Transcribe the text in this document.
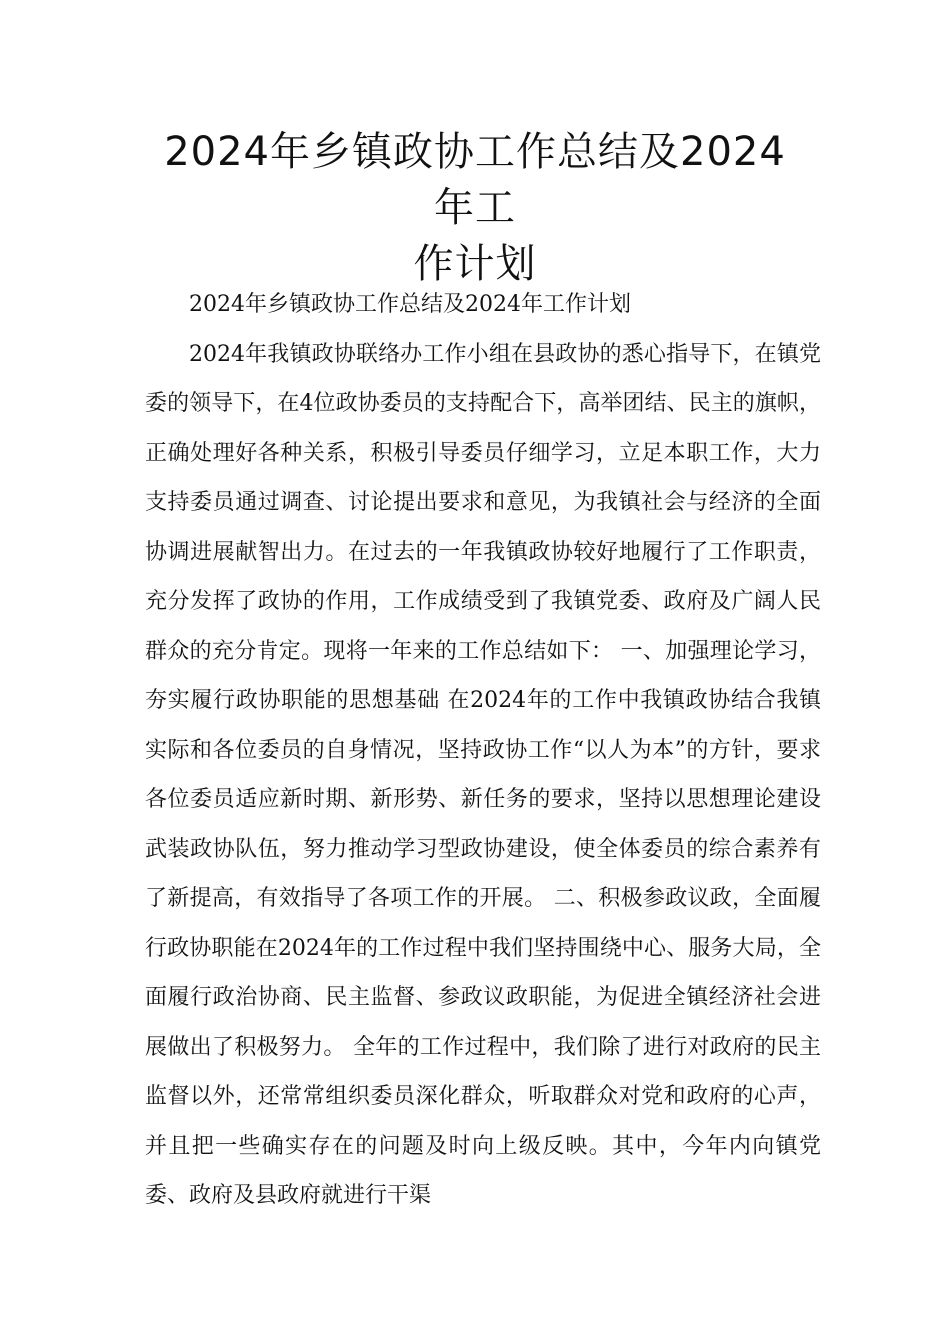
2024年乡镇政协工作总结及2024年工
作计划

2024年乡镇政协工作总结及2024年工作计划

2024年我镇政协联络办工作小组在县政协的悉心指导下，在镇党委的领导下，在4位政协委员的支持配合下，高举团结、民主的旗帜，正确处理好各种关系，积极引导委员仔细学习，立足本职工作，大力支持委员通过调查、讨论提出要求和意见，为我镇社会与经济的全面协调进展献智出力。在过去的一年我镇政协较好地履行了工作职责，充分发挥了政协的作用，工作成绩受到了我镇党委、政府及广阔人民群众的充分肯定。现将一年来的工作总结如下： 一、加强理论学习，夯实履行政协职能的思想基础 在2024年的工作中我镇政协结合我镇实际和各位委员的自身情况，坚持政协工作“以人为本”的方针，要求各位委员适应新时期、新形势、新任务的要求，坚持以思想理论建设武装政协队伍，努力推动学习型政协建设，使全体委员的综合素养有了新提高，有效指导了各项工作的开展。 二、积极参政议政，全面履行政协职能在2024年的工作过程中我们坚持围绕中心、服务大局，全面履行政治协商、民主监督、参政议政职能，为促进全镇经济社会进展做出了积极努力。 全年的工作过程中，我们除了进行对政府的民主监督以外，还常常组织委员深化群众，听取群众对党和政府的心声，并且把一些确实存在的问题及时向上级反映。其中，今年内向镇党委、政府及县政府就进行干渠
